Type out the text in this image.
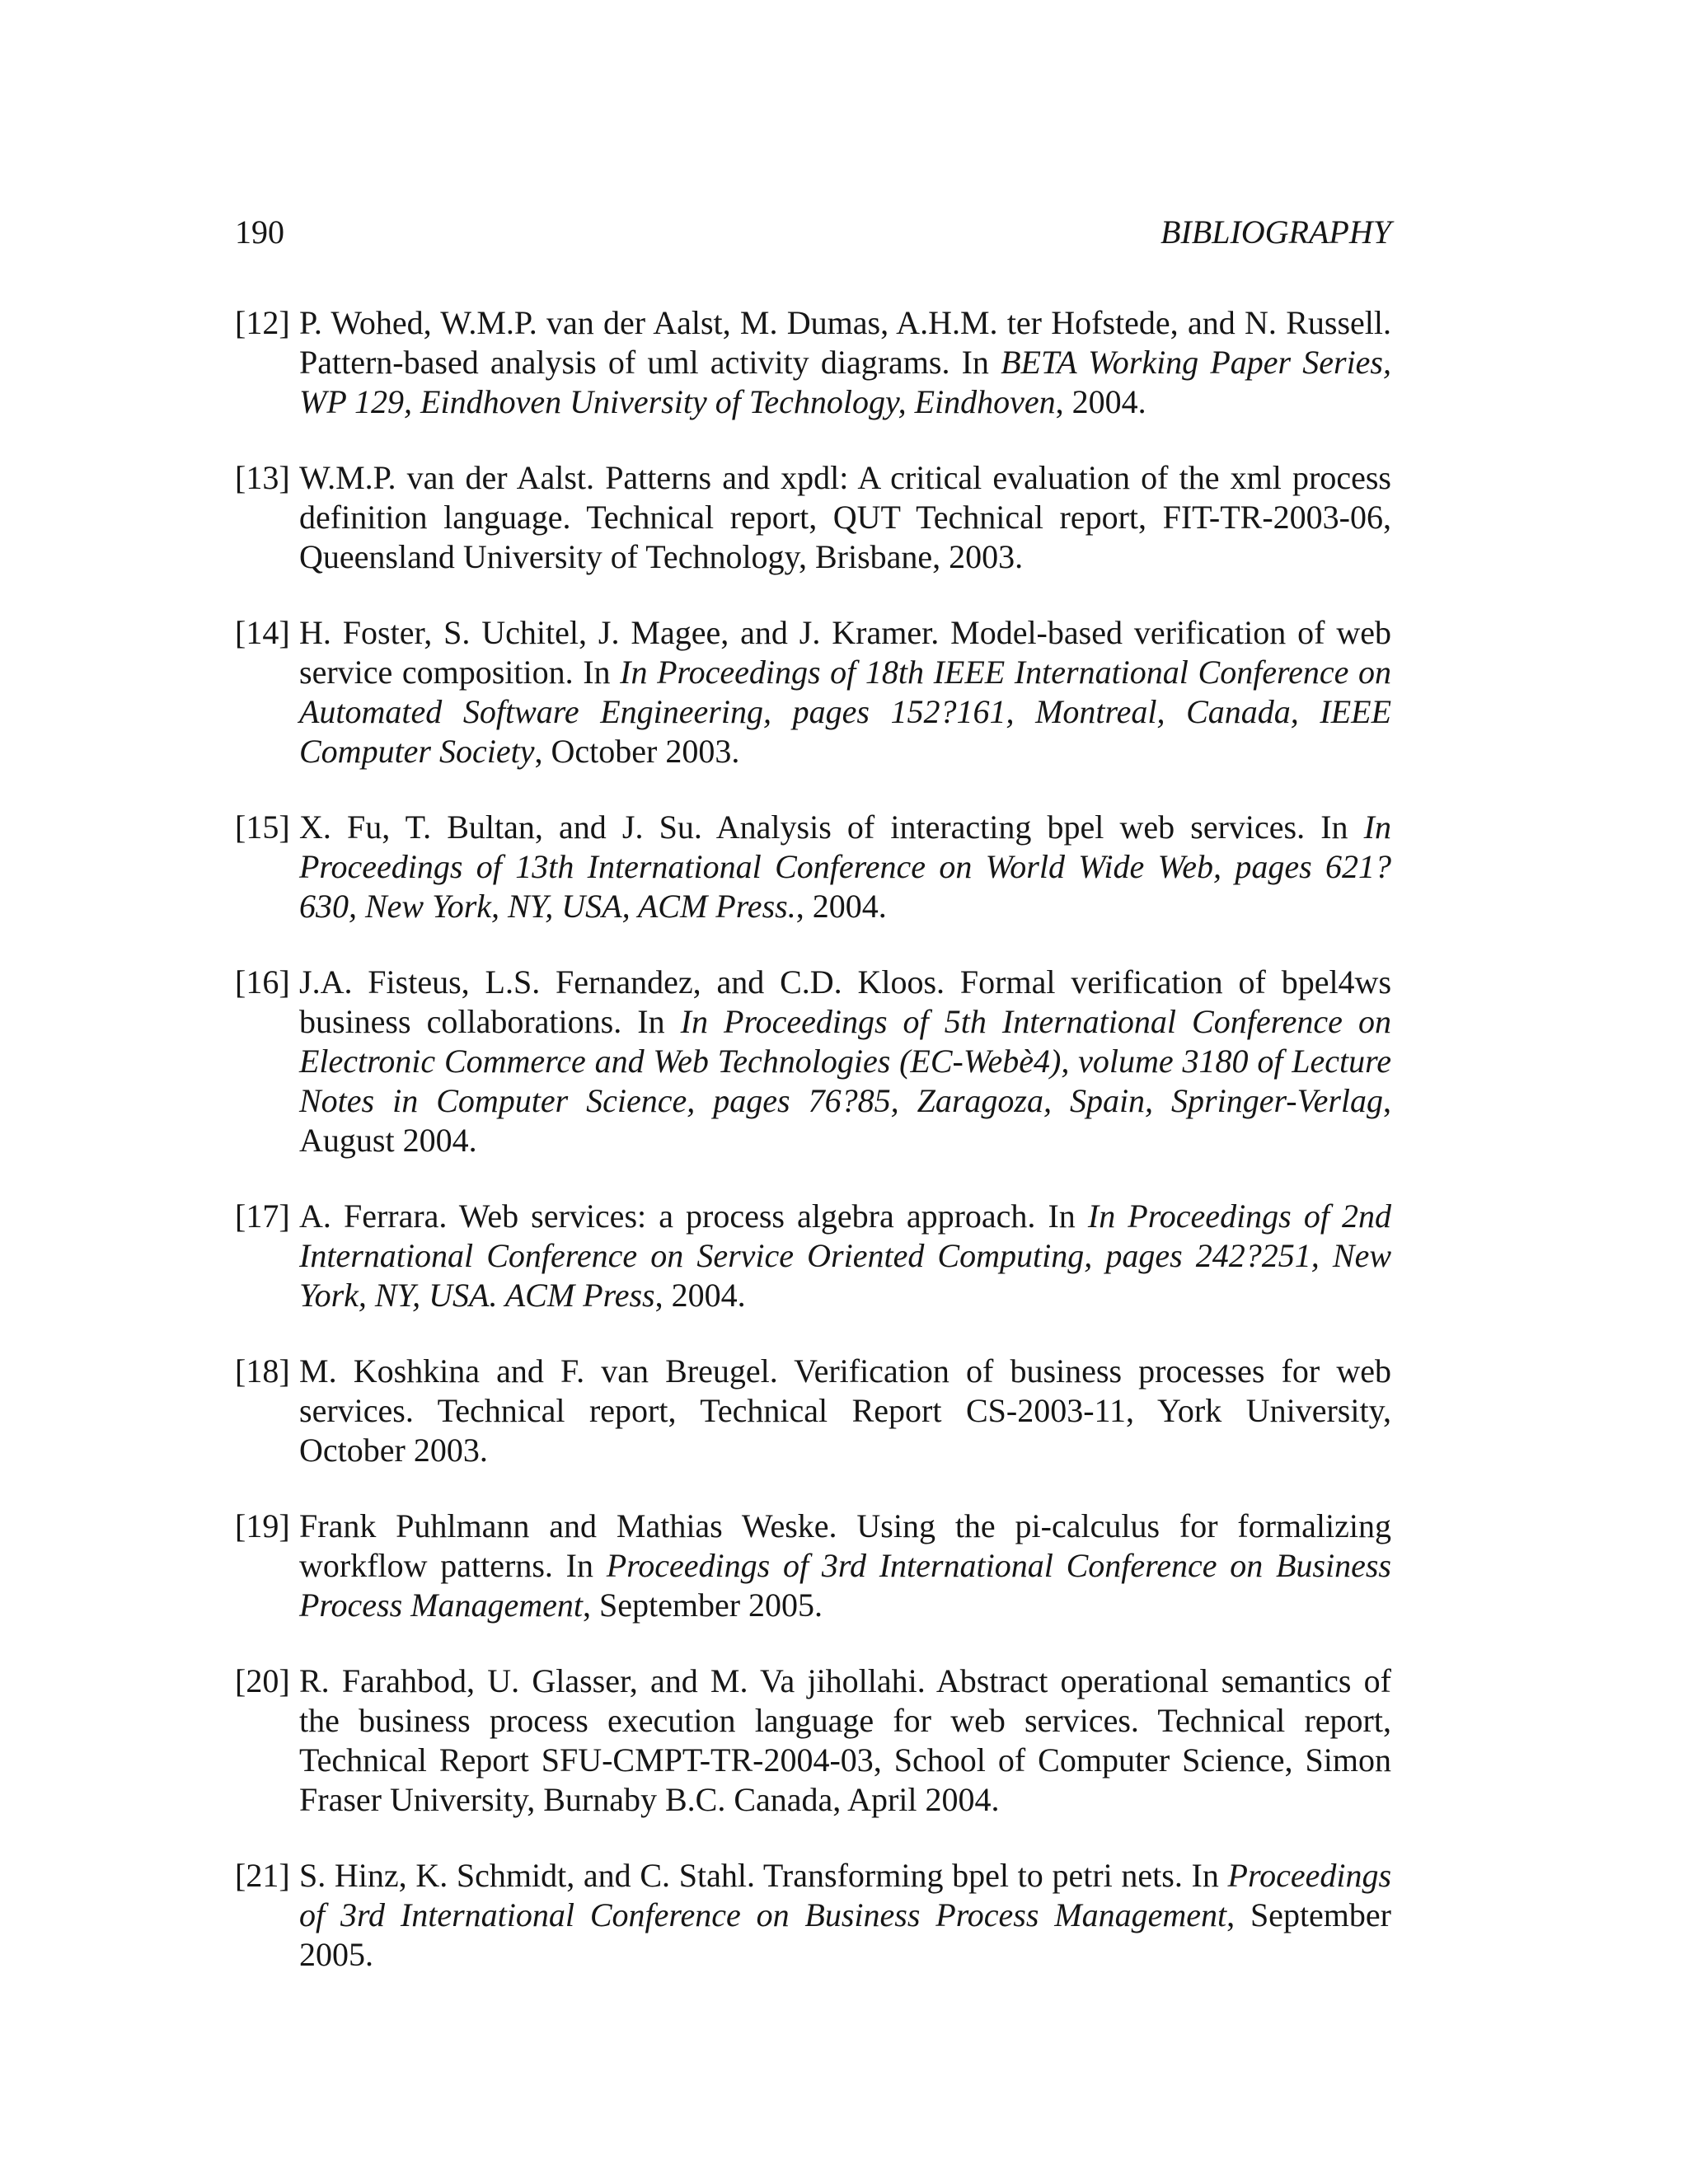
190	BIBLIOGRAPHY
[12] P. Wohed, W.M.P. van der Aalst, M. Dumas, A.H.M. ter Hofstede, and N. Russell. Pattern-based analysis of uml activity diagrams. In BETA Working Paper Series, WP 129, Eindhoven University of Technology, Eindhoven, 2004.
[13] W.M.P. van der Aalst. Patterns and xpdl: A critical evaluation of the xml process definition language. Technical report, QUT Technical report, FIT-TR-2003-06, Queensland University of Technology, Brisbane, 2003.
[14] H. Foster, S. Uchitel, J. Magee, and J. Kramer. Model-based verification of web service composition. In In Proceedings of 18th IEEE International Conference on Automated Software Engineering, pages 152?161, Montreal, Canada, IEEE Computer Society, October 2003.
[15] X. Fu, T. Bultan, and J. Su. Analysis of interacting bpel web services. In In Proceedings of 13th International Conference on World Wide Web, pages 621?630, New York, NY, USA, ACM Press., 2004.
[16] J.A. Fisteus, L.S. Fernandez, and C.D. Kloos. Formal verification of bpel4ws business collaborations. In In Proceedings of 5th International Conference on Electronic Commerce and Web Technologies (EC-Webè4), volume 3180 of Lecture Notes in Computer Science, pages 76?85, Zaragoza, Spain, Springer-Verlag, August 2004.
[17] A. Ferrara. Web services: a process algebra approach. In In Proceedings of 2nd International Conference on Service Oriented Computing, pages 242?251, New York, NY, USA. ACM Press, 2004.
[18] M. Koshkina and F. van Breugel. Verification of business processes for web services. Technical report, Technical Report CS-2003-11, York University, October 2003.
[19] Frank Puhlmann and Mathias Weske. Using the pi-calculus for formalizing workflow patterns. In Proceedings of 3rd International Conference on Business Process Management, September 2005.
[20] R. Farahbod, U. Glasser, and M. Va jihollahi. Abstract operational semantics of the business process execution language for web services. Technical report, Technical Report SFU-CMPT-TR-2004-03, School of Computer Science, Simon Fraser University, Burnaby B.C. Canada, April 2004.
[21] S. Hinz, K. Schmidt, and C. Stahl. Transforming bpel to petri nets. In Proceedings of 3rd International Conference on Business Process Management, September 2005.
